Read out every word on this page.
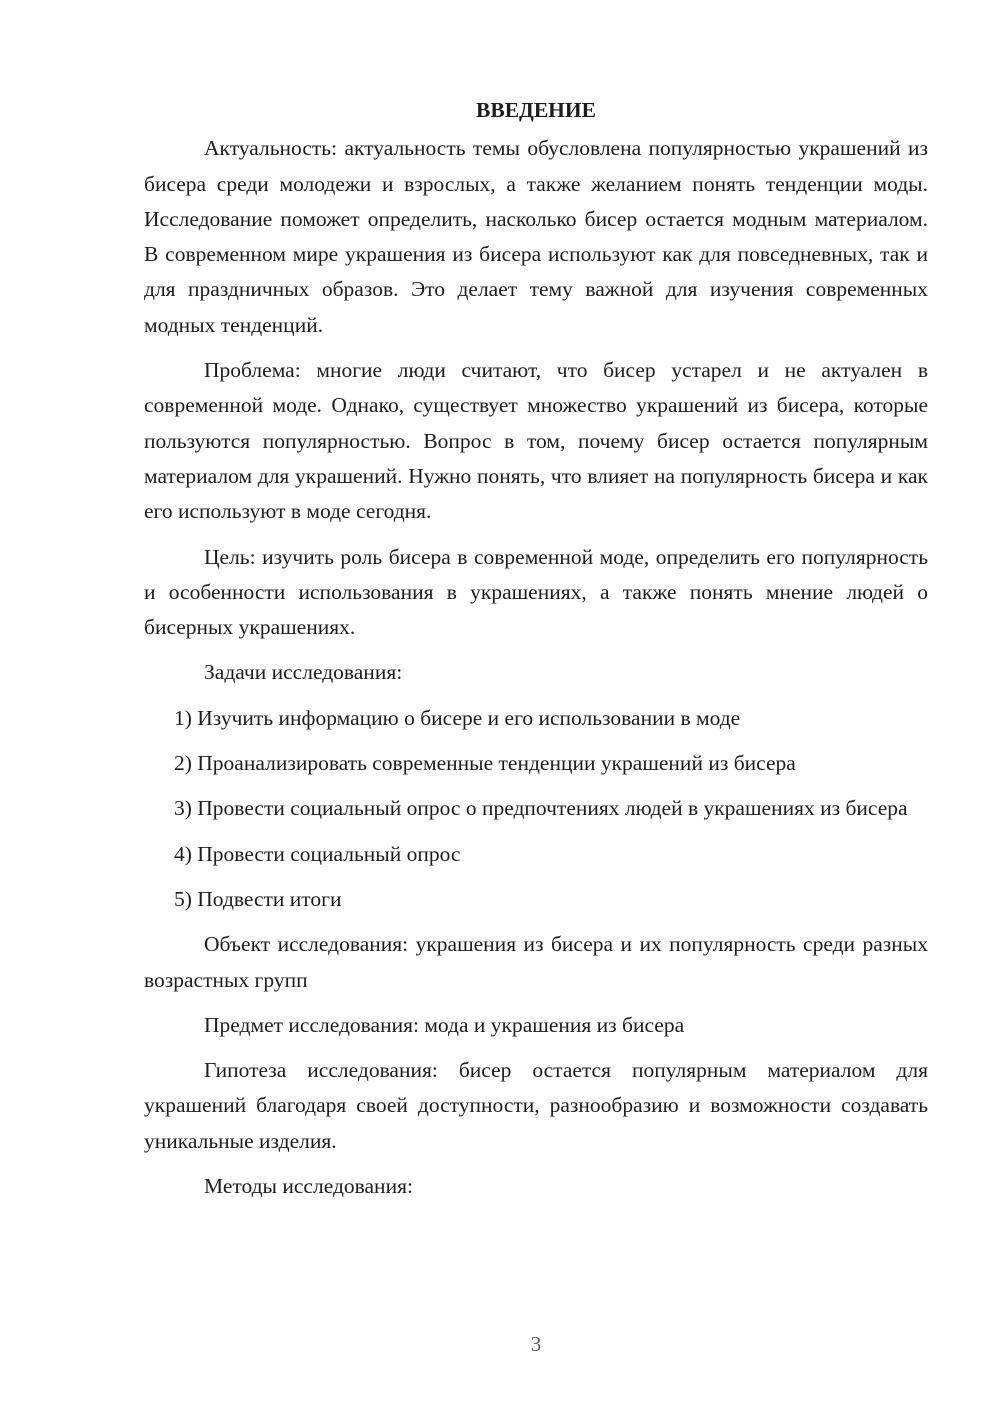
ВВЕДЕНИЕ
Актуальность: актуальность темы обусловлена популярностью украшений из бисера среди молодежи и взрослых, а также желанием понять тенденции моды. Исследование поможет определить, насколько бисер остается модным материалом. В современном мире украшения из бисера используют как для повседневных, так и для праздничных образов. Это делает тему важной для изучения современных модных тенденций.
Проблема: многие люди считают, что бисер устарел и не актуален в современной моде. Однако, существует множество украшений из бисера, которые пользуются популярностью. Вопрос в том, почему бисер остается популярным материалом для украшений. Нужно понять, что влияет на популярность бисера и как его используют в моде сегодня.
Цель: изучить роль бисера в современной моде, определить его популярность и особенности использования в украшениях, а также понять мнение людей о бисерных украшениях.
Задачи исследования:
1) Изучить информацию о бисере и его использовании в моде
2) Проанализировать современные тенденции украшений из бисера
3) Провести социальный опрос о предпочтениях людей в украшениях из бисера
4) Провести социальный опрос
5) Подвести итоги
Объект исследования: украшения из бисера и их популярность среди разных возрастных групп
Предмет исследования: мода и украшения из бисера
Гипотеза исследования: бисер остается популярным материалом для украшений благодаря своей доступности, разнообразию и возможности создавать уникальные изделия.
Методы исследования:
3
